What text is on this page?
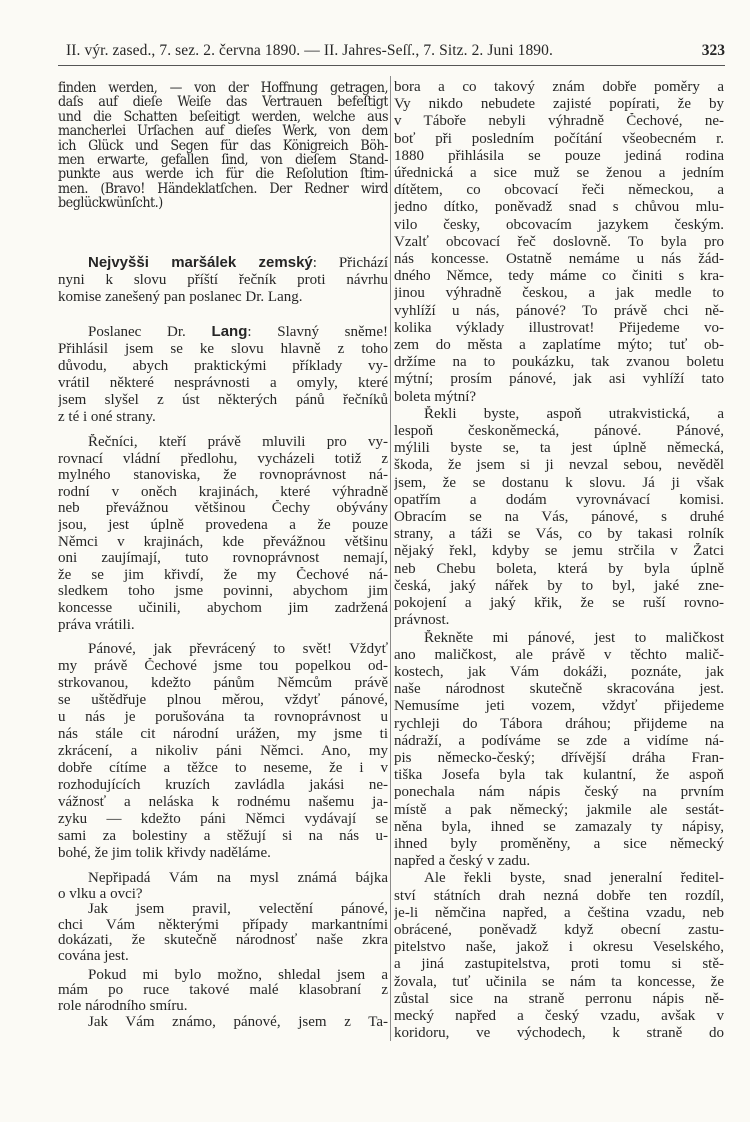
II. výr. zased., 7. sez. 2. června 1890. — II. Jahres-Seſſ., 7. Sitz. 2. Juni 1890.	323
finden werden, — von der Hoffnung getragen,
daſs auf dieſe Weiſe das Vertrauen befeſtigt
und die Schatten beſeitigt werden, welche aus
mancherlei Urſachen auf dieſes Werk, von dem
ich Glück und Segen für das Königreich Böh-
men erwarte, gefallen ſind, von dieſem Stand-
punkte aus werde ich für die Reſolution ſtim-
men. (Bravo! Händeklatſchen. Der Redner wird
beglückwünſcht.)
Nejvyšši maršálek zemský: Přichází
nyni k slovu příští řečník proti návrhu
komise zanešený pan poslanec Dr. Lang.
Poslanec Dr. Lang: Slavný sněme!
Přihlásil jsem se ke slovu hlavně z toho
důvodu, abych praktickými příklady vy-
vrátil některé nesprávnosti a omyly, které
jsem slyšel z úst některých pánů řečníků
z té i oné strany.
Řečníci, kteří právě mluvili pro vy-
rovnací vládní předlohu, vycházeli totiž z
mylného stanoviska, že rovnoprávnost ná-
rodní v oněch krajinách, které výhradně
neb převážnou většinou Čechy obývány
jsou, jest úplně provedena a že pouze
Němci v krajinách, kde převážnou většinu
oni zaujímají, tuto rovnoprávnost nemají,
že se jim křivdí, že my Čechové ná-
sledkem toho jsme povinni, abychom jim
koncesse učinili, abychom jim zadržená
práva vrátili.
Pánové, jak převrácený to svět! Vždyť
my právě Čechové jsme tou popelkou od-
strkovanou, kdežto pánům Němcům právě
se uštědřuje plnou měrou, vždyť pánové,
u nás je porušována ta rovnoprávnost u
nás stále cit národní urážen, my jsme ti
zkrácení, a nikoliv páni Němci. Ano, my
dobře cítíme a těžce to neseme, že i v
rozhodujících kruzích zavládla jakási ne-
vážnosť a neláska k rodnému našemu ja-
zyku — kdežto páni Němci vydávají se
sami za bolestiny a stěžují si na nás u-
bohé, že jim tolik křivdy naděláme.
Nepřipadá Vám na mysl známá bájka
o vlku a ovci?
Jak jsem pravil, velectění pánové,
chci Vám některými případy markantními
dokázati, že skutečně národnosť naše zkra
cována jest.
Pokud mi bylo možno, shledal jsem a
mám po ruce takové malé klasobraní z
role národního smíru.
Jak Vám známo, pánové, jsem z Ta-
bora a co takový znám dobře poměry a
Vy nikdo nebudete zajisté popírati, že by
v Táboře nebyli výhradně Čechové, ne-
boť při posledním počítání všeobecném r.
1880 přihlásila se pouze jediná rodina
úřednická a sice muž se ženou a jedním
dítětem, co obcovací řeči německou, a
jedno dítko, poněvadž snad s chůvou mlu-
vilo česky, obcovacím jazykem českým.
Vzalť obcovací řeč doslovně. To byla pro
nás koncesse. Ostatně nemáme u nás žád-
dného Němce, tedy máme co činiti s kra-
jinou výhradně českou, a jak medle to
vyhlíží u nás, pánové? To právě chci ně-
kolika výklady illustrovat! Přijedeme vo-
zem do města a zaplatíme mýto; tuť ob-
držíme na to poukázku, tak zvanou boletu
mýtní; prosím pánové, jak asi vyhlíží tato
boleta mýtní?
Řekli byste, aspoň utrakvistická, a
lespoň českoněmecká, pánové. Pánové,
mýlili byste se, ta jest úplně německá,
škoda, že jsem si ji nevzal sebou, nevěděl
jsem, že se dostanu k slovu. Já ji však
opatřím a dodám vyrovnávací komisi.
Obracím se na Vás, pánové, s druhé
strany, a táži se Vás, co by takasi rolník
nějaký řekl, kdyby se jemu strčila v Žatci
neb Chebu boleta, která by byla úplně
česká, jaký nářek by to byl, jaké zne-
pokojení a jaký křik, že se ruší rovno-
právnost.
Řekněte mi pánové, jest to maličkost
ano maličkost, ale právě v těchto malič-
kostech, jak Vám dokáži, poznáte, jak
naše národnost skutečně skracována jest.
Nemusíme jeti vozem, vždyť přijedeme
rychleji do Tábora dráhou; přijdeme na
nádraží, a podíváme se zde a vidíme ná-
pis německo-český; dřívější dráha Fran-
tiška Josefa byla tak kulantní, že aspoň
ponechala nám nápis český na prvním
místě a pak německý; jakmile ale sestát-
něna byla, ihned se zamazaly ty nápisy,
ihned byly proměněny, a sice německý
napřed a český v zadu.
Ale řekli byste, snad jeneralní ředitel-
ství státních drah nezná dobře ten rozdíl,
je-li němčina napřed, a čeština vzadu, neb
obrácené, poněvadž když obecní zastu-
pitelstvo naše, jakož i okresu Veselského,
a jiná zastupitelstva, proti tomu si stě-
žovala, tuť učinila se nám ta koncesse, že
zůstal sice na straně perronu nápis ně-
mecký napřed a český vzadu, avšak v
koridoru, ve východech, k straně do
